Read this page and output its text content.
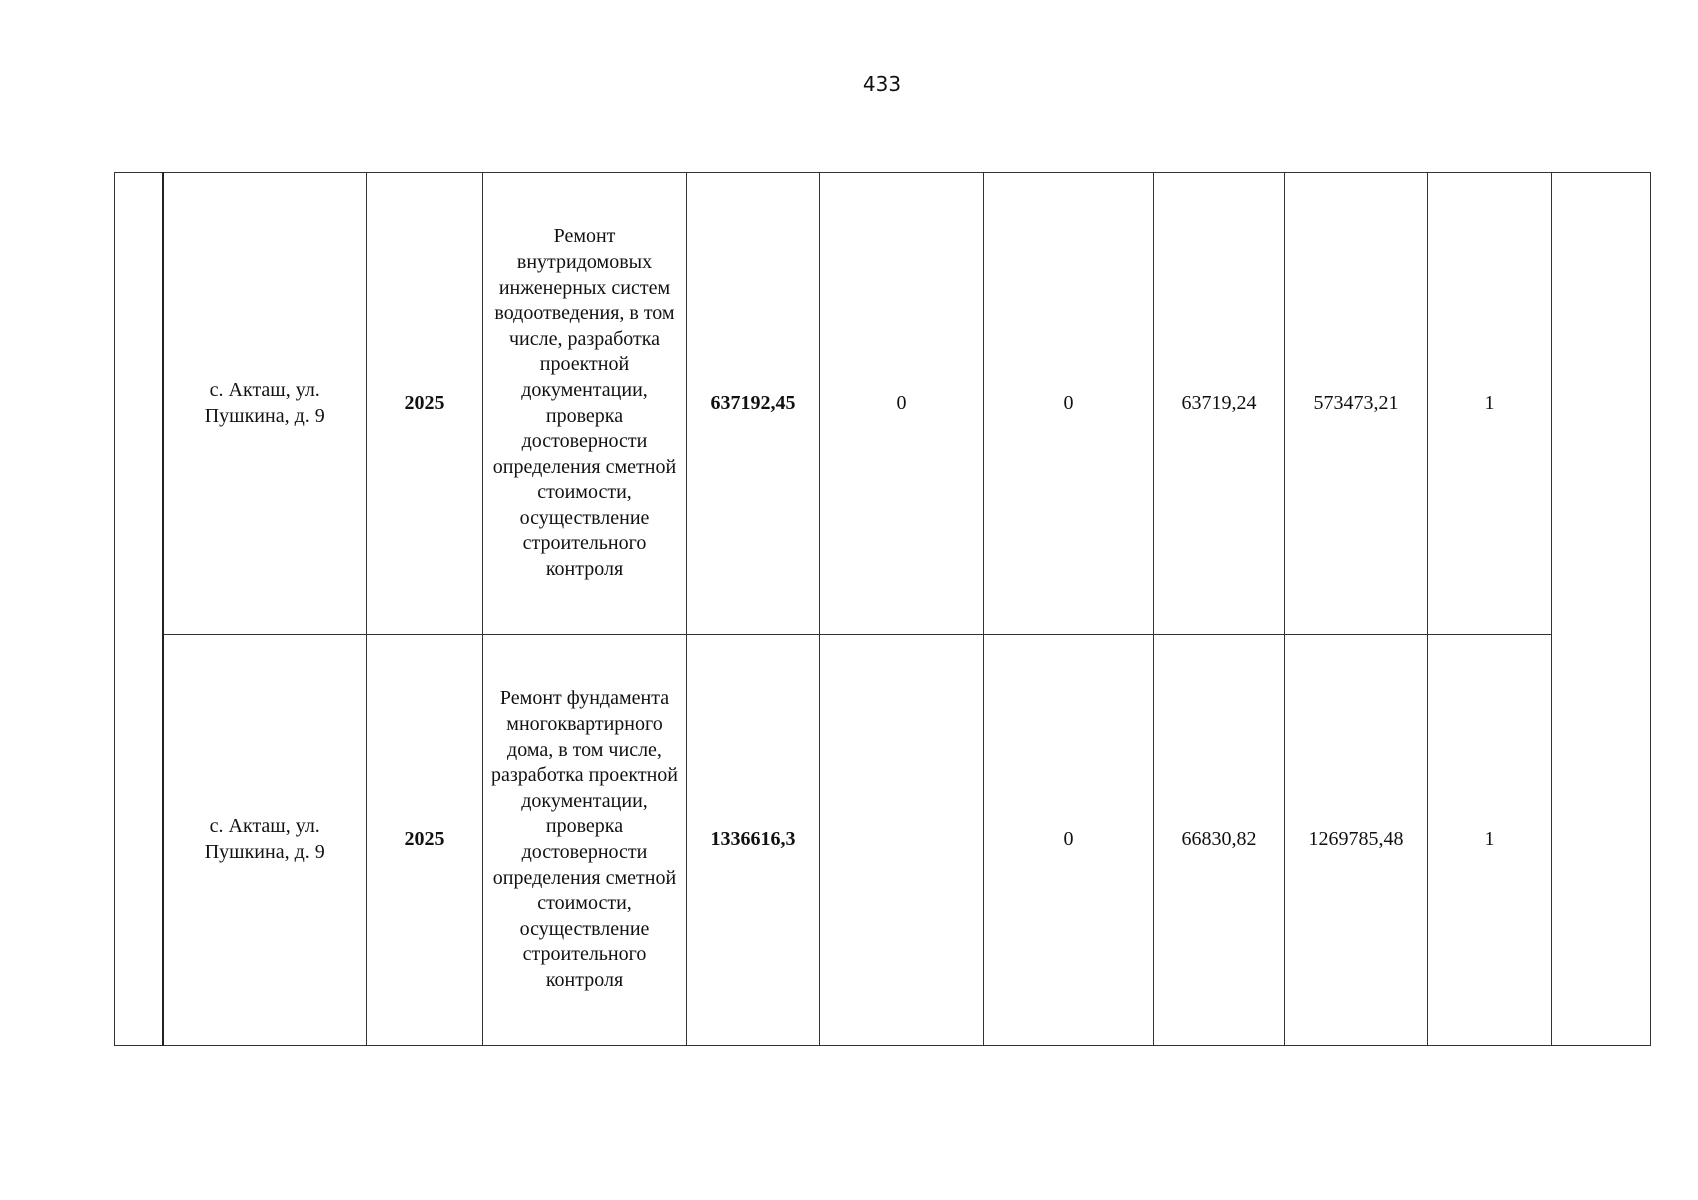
433
	с. Акташ, ул. Пушкина, д. 9	2025	Ремонт внутридомовых инженерных систем водоотведения, в том числе, разработка проектной документации, проверка достоверности определения сметной стоимости, осуществление строительного контроля	637192,45	0	0	63719,24	573473,21	1	
	с. Акташ, ул. Пушкина, д. 9	2025	Ремонт фундамента многоквартирного дома, в том числе, разработка проектной документации, проверка достоверности определения сметной стоимости, осуществление строительного контроля	1336616,3		0	66830,82	1269785,48	1	
